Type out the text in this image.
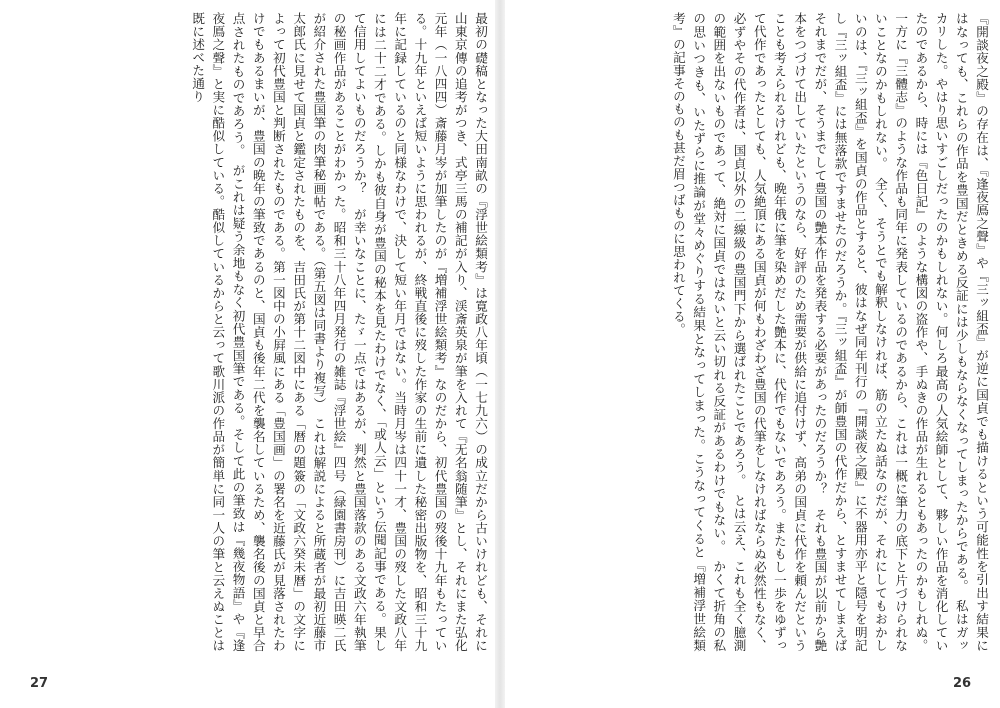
最初の礎稿となった大田南畝の『浮世絵類考』は寛政八年頃（一七九六）の成立だから古いけれども、それに山東京傳の追考がつき、式亭三馬の補記が入り、渓斎英泉が筆を入れて『无名翁随筆』とし、それにまた弘化元年（一八四四）斎藤月岑が加筆したのが『増補浮世絵類考』なのだから、初代豊国の歿後十九年もたっている。十九年といえば短いように思われるが、終戦直後に歿した作家の生前に遺した秘密出版物を、昭和三十九年に記録しているのと同様なわけで、決して短い年月ではない。当時月岑は四十一才、豊国の歿した文政八年には二十二才である。しかも彼自身が豊国の秘本を見たわけでなく、「或人云」という伝聞記事である。果して信用してよいものだろうか？　が幸いなことに、たゞ一点ではあるが、判然と豊国落款のある文政六年執筆の秘画作品があることがわかった。昭和三十八年四月発行の雑誌『浮世絵』四号（緑園書房刊）に吉田暎二氏が紹介された豊国筆の肉筆秘画帖である。（第五図は同書より複写）　これは解説によると所蔵者が最初近藤市太郎氏に見せて国貞と鑑定されたものを、吉田氏が第十二図中にある「暦の題簽の「文政六癸未暦」の文字によって初代豊国と判断されたものである。第一図中の小屛風にある「豊国画」の署名を近藤氏が見落されたわけでもあるまいが、豊国の晩年の筆致であるのと、国貞も後年二代を襲名しているため、襲名後の国貞と早合点されたものであろう。　がこれは疑う余地もなく初代豊国筆である。そして此の筆致は『幾夜物語』や『逢夜鳫之聲』と実に酷似している。酷似しているからと云って歌川派の作品が簡単に同一人の筆と云えぬことは既に述べた通り
27
『開談夜之殿』の存在は、『逢夜鳫之聲』や『三ッ組盃』が逆に国貞でも描けるという可能性を引出す結果にはなっても、これらの作品を豊国だときめる反証には少しもならなくなってしまったからである。　私はガッカリした。やはり思いすごしだったのかもしれない。何しろ最高の人気絵師として、夥しい作品を消化していたのであるから、時には『色日記』のような構図の盗作や、手ぬきの作品が生れるともあったのかもしれぬ。一方に『三體志』のような作品も同年に発表しているのであるから、これは一概に筆力の底下と片づけられないことなのかもしれない。　全く、そうとでも解釈しなければ、筋の立たぬ話なのだが、それにしてもおかしいのは、『三ッ組盃』を国貞の作品とすると、彼はなぜ同年刊行の『開談夜之殿』に不器用亦平と隠号を明記し『三ッ組盃』には無落款ですませたのだろうか。『三ッ組盃』が師豊国の代作だから、とすませてしまえばそれまでだが、そうまでして豊国の艶本作品を発表する必要があったのだろうか？　それも豊国が以前から艶本をつづけて出していたというのなら、好評のため需要が供給に追付けず、高弟の国貞に代作を頼んだということも考えられるけれども、晩年俄に筆を染めだした艶本に、代作でもないであろう。またもし一歩をゆずって代作であったとしても、人気絶頂にある国貞が何もわざわざ豊国の代筆をしなければならぬ必然性もなく、必ずやその代作者は、国貞以外の二線級の豊国門下から選ばれたことであろう。　とは云え、これも全く臆測の範囲を出ないものであって、絶対に国貞ではないと云い切れる反証があるわけでもない。　かくて折角の私の思いつきも、いたずらに推論が堂々めぐりする結果となってしまった。こうなってくると『増補浮世絵類考』の記事そのものも甚だ眉つばものに思われてくる。
26
